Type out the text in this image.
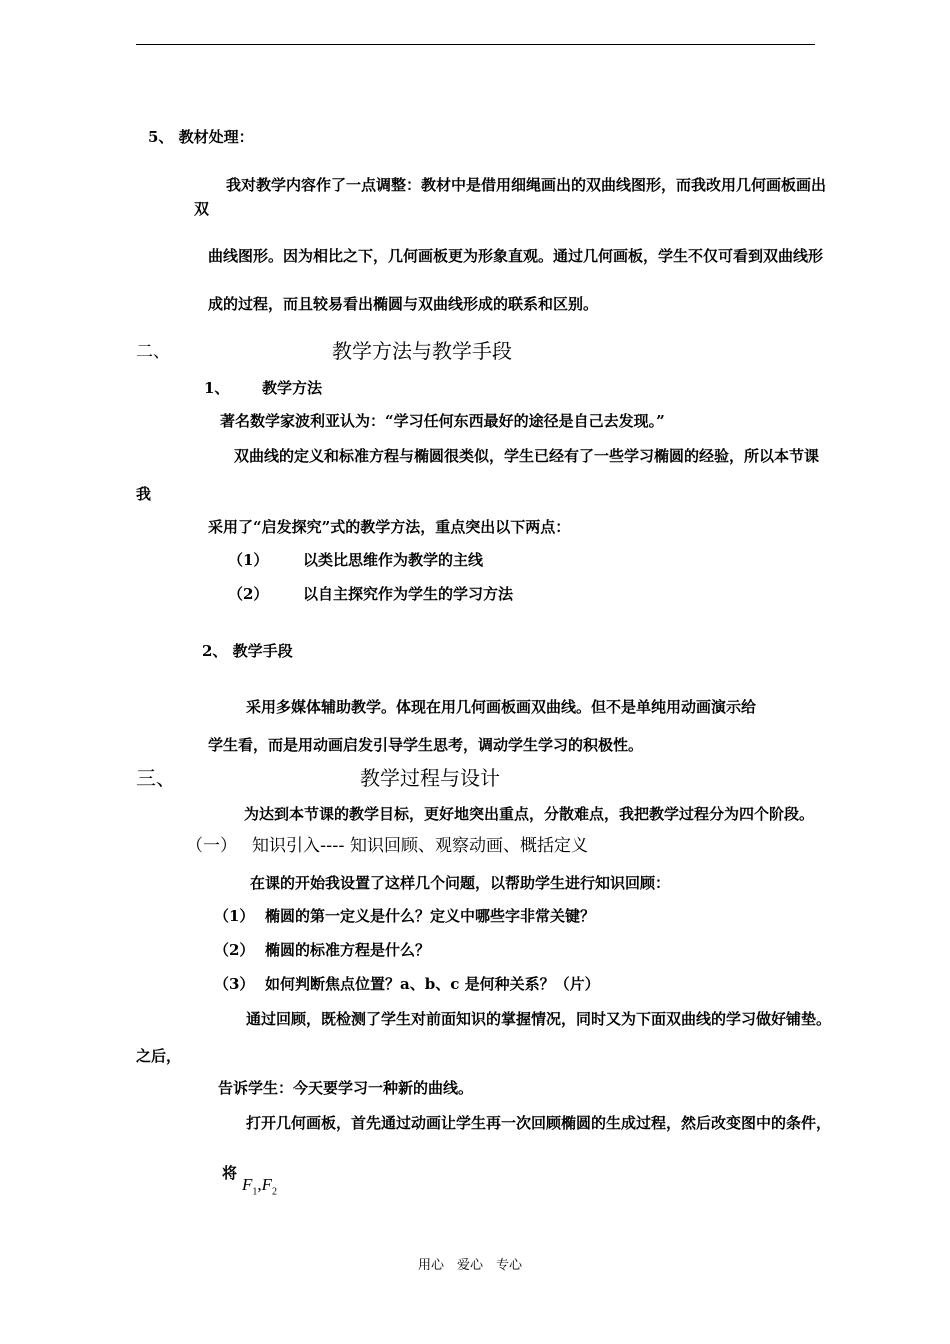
5、 教材处理：
我对教学内容作了一点调整：教材中是借用细绳画出的双曲线图形，而我改用几何画板画出
双
曲线图形。因为相比之下，几何画板更为形象直观。通过几何画板，学生不仅可看到双曲线形
成的过程，而且较易看出椭圆与双曲线形成的联系和区别。
二、	教学方法与教学手段
1、 教学方法
著名数学家波利亚认为：“学习任何东西最好的途径是自己去发现。”
双曲线的定义和标准方程与椭圆很类似，学生已经有了一些学习椭圆的经验，所以本节课
我
采用了“启发探究”式的教学方法，重点突出以下两点：
（1） 以类比思维作为教学的主线
（2） 以自主探究作为学生的学习方法
2、 教学手段
采用多媒体辅助教学。体现在用几何画板画双曲线。但不是单纯用动画演示给
学生看，而是用动画启发引导学生思考，调动学生学习的积极性。
三、	教学过程与设计
为达到本节课的教学目标，更好地突出重点，分散难点，我把教学过程分为四个阶段。
（一） 知识引入---- 知识回顾、观察动画、概括定义
在课的开始我设置了这样几个问题，以帮助学生进行知识回顾：
（1） 椭圆的第一定义是什么？定义中哪些字非常关键？
（2） 椭圆的标准方程是什么？
（3） 如何判断焦点位置？a、b、c 是何种关系？（片）
通过回顾，既检测了学生对前面知识的掌握情况，同时又为下面双曲线的学习做好铺垫。
之后，
告诉学生：今天要学习一种新的曲线。
打开几何画板，首先通过动画让学生再一次回顾椭圆的生成过程，然后改变图中的条件，
将
$F_1,F_2$
用心　爱心　专心
